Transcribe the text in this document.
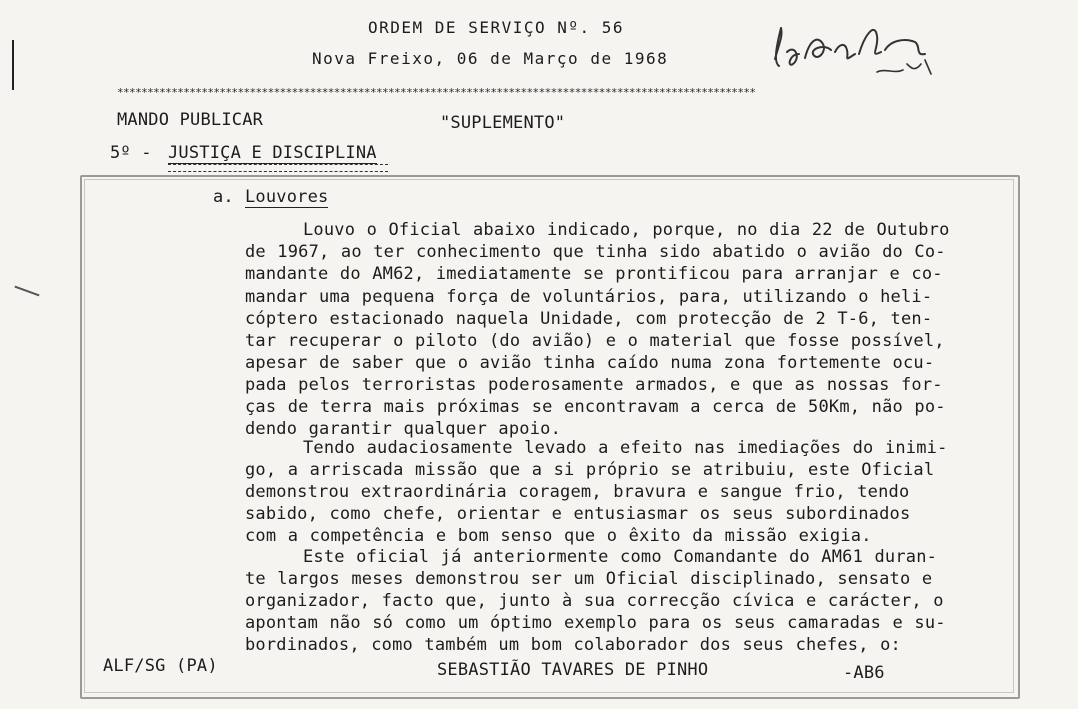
ORDEM DE SERVIÇO Nº. 56
Nova Freixo, 06 de Março de 1968
**********************************************************************************************************
MANDO PUBLICAR	"SUPLEMENTO"
5º - JUSTIÇA E DISCIPLINA
a. Louvores
Louvo o Oficial abaixo indicado, porque, no dia 22 de Outubro
de 1967, ao ter conhecimento que tinha sido abatido o avião do Co-
mandante do AM62, imediatamente se prontificou para arranjar e co-
mandar uma pequena força de voluntários, para, utilizando o heli-
cóptero estacionado naquela Unidade, com protecção de 2 T-6, ten-
tar recuperar o piloto (do avião) e o material que fosse possível,
apesar de saber que o avião tinha caído numa zona fortemente ocu-
pada pelos terroristas poderosamente armados, e que as nossas for-
ças de terra mais próximas se encontravam a cerca de 50Km, não po-
dendo garantir qualquer apoio.
Tendo audaciosamente levado a efeito nas imediações do inimi-
go, a arriscada missão que a si próprio se atribuiu, este Oficial
demonstrou extraordinária coragem, bravura e sangue frio, tendo
sabido, como chefe, orientar e entusiasmar os seus subordinados
com a competência e bom senso que o êxito da missão exigia.
Este oficial já anteriormente como Comandante do AM61 duran-
te largos meses demonstrou ser um Oficial disciplinado, sensato e
organizador, facto que, junto à sua correcção cívica e carácter, o
apontam não só como um óptimo exemplo para os seus camaradas e su-
bordinados, como também um bom colaborador dos seus chefes, o:
ALF/SG (PA)	SEBASTIÃO TAVARES DE PINHO	-AB6
